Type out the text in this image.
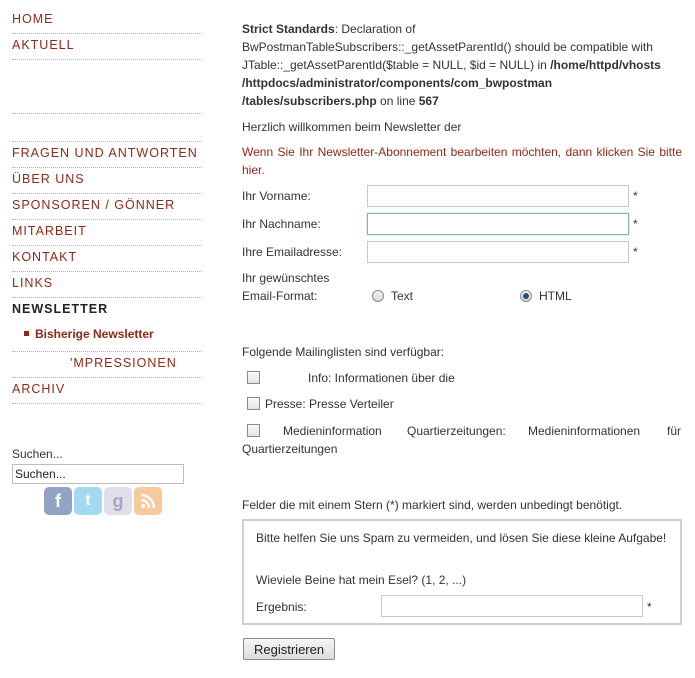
HOME
AKTUELL
FRAGEN UND ANTWORTEN
ÜBER UNS
SPONSOREN / GÖNNER
MITARBEIT
KONTAKT
LINKS
NEWSLETTER
Bisherige Newsletter
'MPRESSIONEN
ARCHIV
Suchen...
Suchen...
f	t	g

Strict Standards: Declaration of BwPostmanTableSubscribers::_getAssetParentId() should be compatible with JTable::_getAssetParentId($table = NULL, $id = NULL) in /home/httpd/vhosts /httpdocs/administrator/components/com_bwpostman /tables/subscribers.php on line 567

Herzlich willkommen beim Newsletter der
Wenn Sie Ihr Newsletter-Abonnement bearbeiten möchten, dann klicken Sie bitte hier.
Ihr Vorname:	*
Ihr Nachname:	*
Ihre Emailadresse:	*
Ihr gewünschtes
Email-Format:	Text	HTML
Folgende Mailinglisten sind verfügbar:
Info: Informationen über die
Presse: Presse Verteiler
Medieninformation Quartierzeitungen: Medieninformationen für
Quartierzeitungen
Felder die mit einem Stern (*) markiert sind, werden unbedingt benötigt.
Bitte helfen Sie uns Spam zu vermeiden, und lösen Sie diese kleine Aufgabe!
Wieviele Beine hat mein Esel? (1, 2, ...)
Ergebnis:	*
Registrieren
